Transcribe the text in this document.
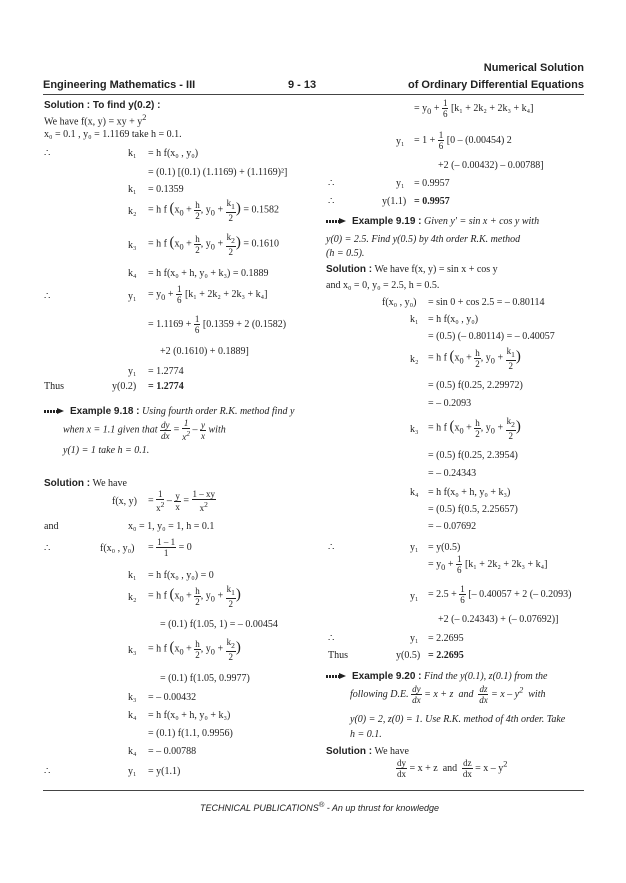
Numerical Solution
Engineering Mathematics - III	9 - 13	of Ordinary Differential Equations
Solution : To find y(0.2) :
We have f(x, y) = xy + $y^2$
x₀ = 0.1 , y₀ = 1.1169 take h = 0.1.
∴	k₁ = h f(x₀ , y₀)
= (0.1) [(0.1) (1.1169) + (1.1169)²]
k₁ = 0.1359
k₂ = h f ($x_0 + \frac{h}{2}$ , $y_0 + \frac{k_1}{2}$ ) = 0.1582
k₃ = h f ($x_0 + \frac{h}{2}$ , $y_0 + \frac{k_2}{2}$ ) = 0.1610
k₄ = h f(x₀ + h, y₀ + k₃) = 0.1889
∴	$y_1 = y_0 + \frac{1}{6} [k_1 + 2k_2 + 2k_3 + k_4]$
= $1.1169 + \frac{1}{6} [0.1359 + 2$ (0.1582)
+2 (0.1610) + 0.1889]
y₁ = 1.2774
Thus	y(0.2) = 1.2774
Example 9.18 : Using fourth order R.K. method find y
when x = 1.1 given that $\frac{dy}{dx} = \frac{1}{x^2} - \frac{y}{x}$ with
y(1) = 1 take h = 0.1.
Solution : We have
f(x, $y) = \frac{1}{x^2} - \frac{y}{x} = \frac{1 - xy}{x^2}$
and	x₀ = 1, y₀ = 1, h = 0.1
∴	f(x₀ , $y_0) = \frac{1 - 1}{1} = 0$
k₁ = h f(x₀ , y₀) = 0
k₂ = h f ($x_0 + \frac{h}{2}$ , $y_0 + \frac{k_1}{2}$ )
= (0.1) f(1.05, 1) = – 0.00454
k₃ = h f ($x_0 + \frac{h}{2}$ , $y_0 + \frac{k_2}{2}$ )
= (0.1) f(1.05, 0.9977)
k₃ = – 0.00432
k₄ = h f(x₀ + h, y₀ + k₃)
= (0.1) f(1.1, 0.9956)
k₄ = – 0.00788
∴	y₁ = y(1.1)
= $y_0 + \frac{1}{6} [k_1 + 2k_2 + 2k_3 + k_4]$
$y_1 = 1 + \frac{1}{6} [0 - (0.00454)$ 2
+2 (– 0.00432) – 0.00788]
∴	y₁ = 0.9957
∴	y(1.1) = 0.9957
Example 9.19 : Given y′ = sin x + cos y with
y(0) = 2.5. Find y(0.5) by 4th order R.K. method
(h = 0.5).
Solution : We have f(x, y) = sin x + cos y
and x₀ = 0, y₀ = 2.5, h = 0.5.
f(x₀ , y₀) = sin 0 + cos 2.5 = – 0.80114
k₁ = h f(x₀ , y₀)
= (0.5) (– 0.80114) = – 0.40057
k₂ = h f ($x_0 + \frac{h}{2}$ , $y_0 + \frac{k_1}{2}$ )
= (0.5) f(0.25, 2.29972)
= – 0.2093
k₃ = h f ($x_0 + \frac{h}{2}$ , $y_0 + \frac{k_2}{2}$ )
= (0.5) f(0.25, 2.3954)
= – 0.24343
k₄ = h f(x₀ + h, y₀ + k₃)
= (0.5) f(0.5, 2.25657)
= – 0.07692
∴	y₁ = y(0.5)
= $y_0 + \frac{1}{6} [k_1 + 2k_2 + 2k_3 + k_4]$
$y_1 = 2.5 + \frac{1}{6}$ [– 0.40057 + 2 (– 0.2093)
+2 (– 0.24343) + (– 0.07692)]
∴	y₁ = 2.2695
Thus	y(0.5) = 2.2695
Example 9.20 : Find the y(0.1), z(0.1) from the
following D.E. $\frac{dy}{dx} = x + z$  and $\frac{dz}{dx} = x - y^2$ with
y(0) = 2, z(0) = 1. Use R.K. method of 4th order. Take
h = 0.1.
Solution : We have
$\frac{dy}{dx} = x + z$  and $\frac{dz}{dx} = x - y^2$
TECHNICAL PUBLICATIONS® - An up thrust for knowledge
